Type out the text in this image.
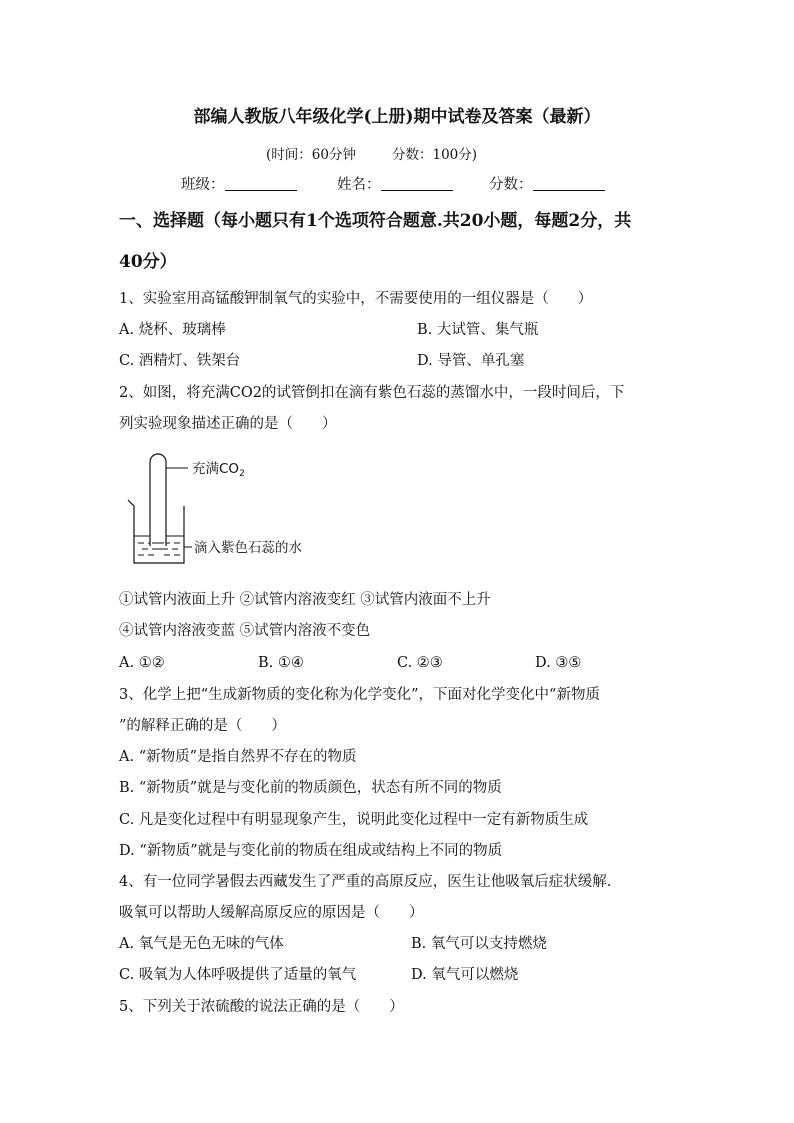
部编人教版八年级化学(上册)期中试卷及答案（最新）
(时间：60分钟	分数：100分)
班级：	姓名：	分数：
一、选择题（每小题只有1个选项符合题意.共20小题，每题2分，共
40分）
1、实验室用高锰酸钾制氧气的实验中，不需要使用的一组仪器是（　　）
A. 烧杯、玻璃棒	B. 大试管、集气瓶
C. 酒精灯、铁架台	D. 导管、单孔塞
2、如图，将充满CO2的试管倒扣在滴有紫色石蕊的蒸馏水中，一段时间后，下
列实验现象描述正确的是（　　）
充满$CO_2$
滴入紫色石蕊的水
①试管内液面上升 ②试管内溶液变红 ③试管内液面不上升
④试管内溶液变蓝 ⑤试管内溶液不变色
A. ①②	B. ①④	C. ②③	D. ③⑤
3、化学上把“生成新物质的变化称为化学变化”，下面对化学变化中“新物质
”的解释正确的是（　　）
A. “新物质”是指自然界不存在的物质
B. “新物质”就是与变化前的物质颜色，状态有所不同的物质
C. 凡是变化过程中有明显现象产生，说明此变化过程中一定有新物质生成
D. “新物质”就是与变化前的物质在组成或结构上不同的物质
4、有一位同学暑假去西藏发生了严重的高原反应，医生让他吸氧后症状缓解.
吸氧可以帮助人缓解高原反应的原因是（　　）
A. 氧气是无色无味的气体	B. 氧气可以支持燃烧
C. 吸氧为人体呼吸提供了适量的氧气	D. 氧气可以燃烧
5、下列关于浓硫酸的说法正确的是（　　）
